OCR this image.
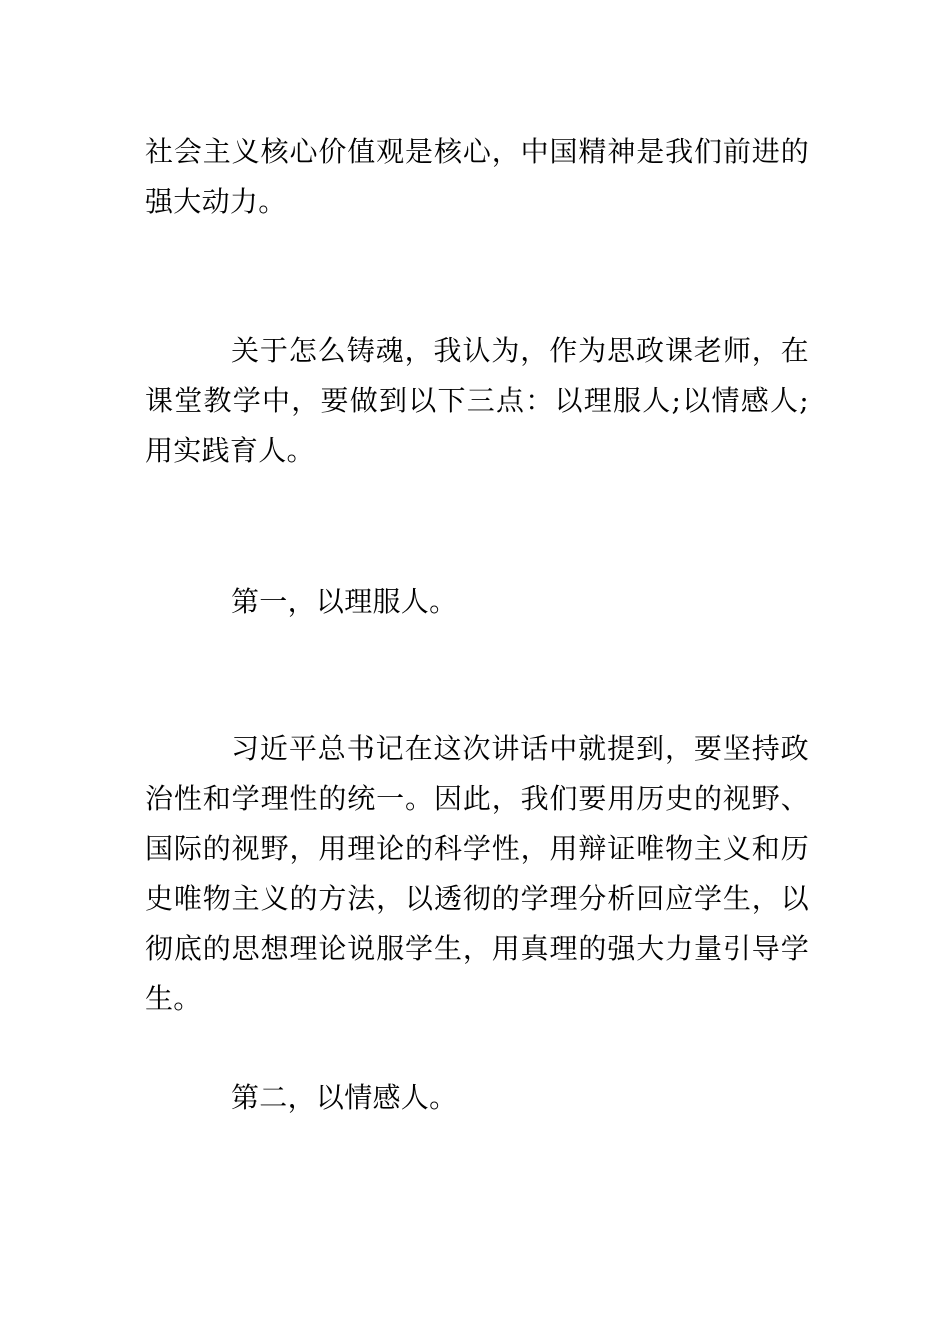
社会主义核心价值观是核心，中国精神是我们前进的强大动力。

关于怎么铸魂，我认为，作为思政课老师，在课堂教学中，要做到以下三点：以理服人;以情感人;用实践育人。

第一，以理服人。

习近平总书记在这次讲话中就提到，要坚持政治性和学理性的统一。因此，我们要用历史的视野、国际的视野，用理论的科学性，用辩证唯物主义和历史唯物主义的方法，以透彻的学理分析回应学生，以彻底的思想理论说服学生，用真理的强大力量引导学生。

第二，以情感人。
